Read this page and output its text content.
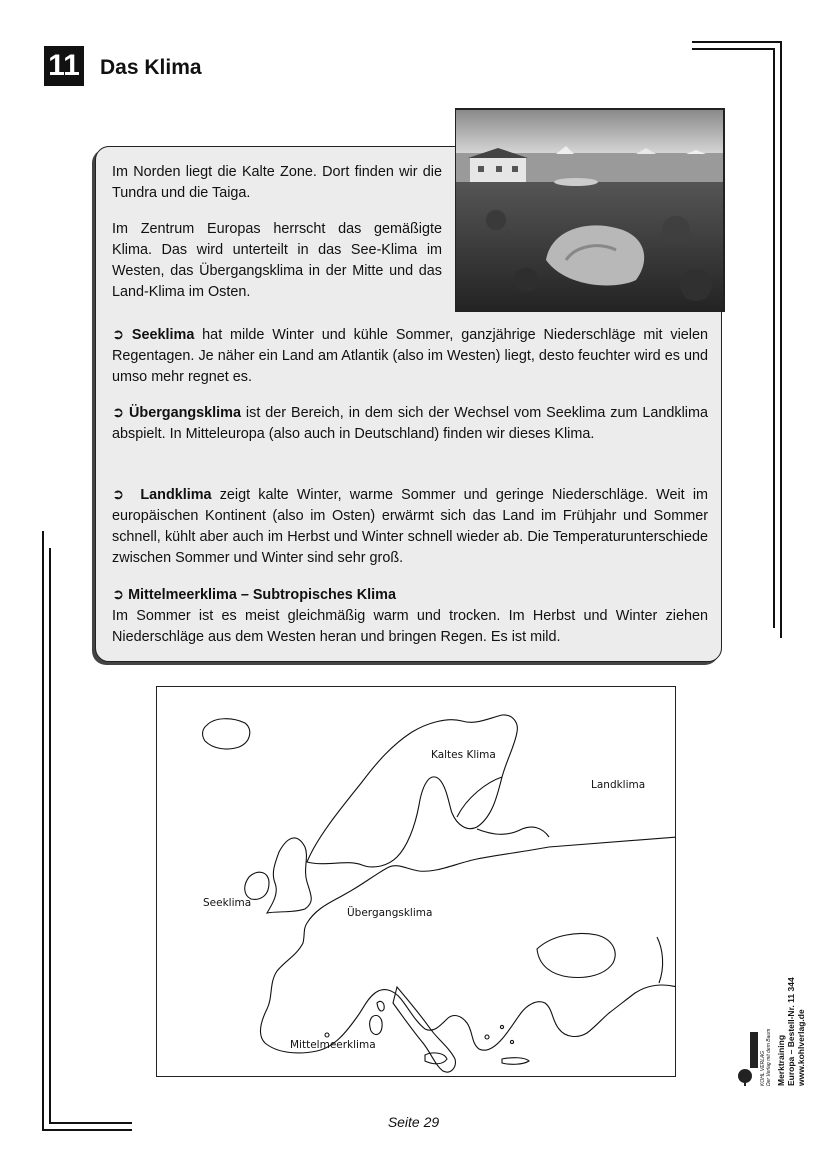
11 Das Klima
Im Norden liegt die Kalte Zone. Dort finden wir die Tundra und die Taiga.
Im Zentrum Europas herrscht das gemäßigte Klima. Das wird unterteilt in das See-Klima im Westen, das Übergangsklima in der Mitte und das Land-Klima im Osten.
➲ Seeklima hat milde Winter und kühle Sommer, ganzjährige Niederschläge mit vielen Regentagen. Je näher ein Land am Atlantik (also im Westen) liegt, desto feuchter wird es und umso mehr regnet es.
➲ Übergangsklima ist der Bereich, in dem sich der Wechsel vom Seeklima zum Landklima abspielt. In Mitteleuropa (also auch in Deutschland) finden wir dieses Klima.
➲ Landklima zeigt kalte Winter, warme Sommer und geringe Niederschläge. Weit im europäischen Kontinent (also im Osten) erwärmt sich das Land im Frühjahr und Sommer schnell, kühlt aber auch im Herbst und Winter schnell wieder ab. Die Temperaturunterschiede zwischen Sommer und Winter sind sehr groß.
➲ Mittelmeerklima – Subtropisches Klima
Im Sommer ist es meist gleichmäßig warm und trocken. Im Herbst und Winter ziehen Niederschläge aus dem Westen heran und bringen Regen. Es ist mild.
Kaltes Klima
Landklima
Seeklima
Übergangsklima
Mittelmeerklima
KOHL VERLAG
Der Verlag mit dem Baum Merktraining Europa – Bestell-Nr. 11 344 www.kohlverlag.de
Seite 29
